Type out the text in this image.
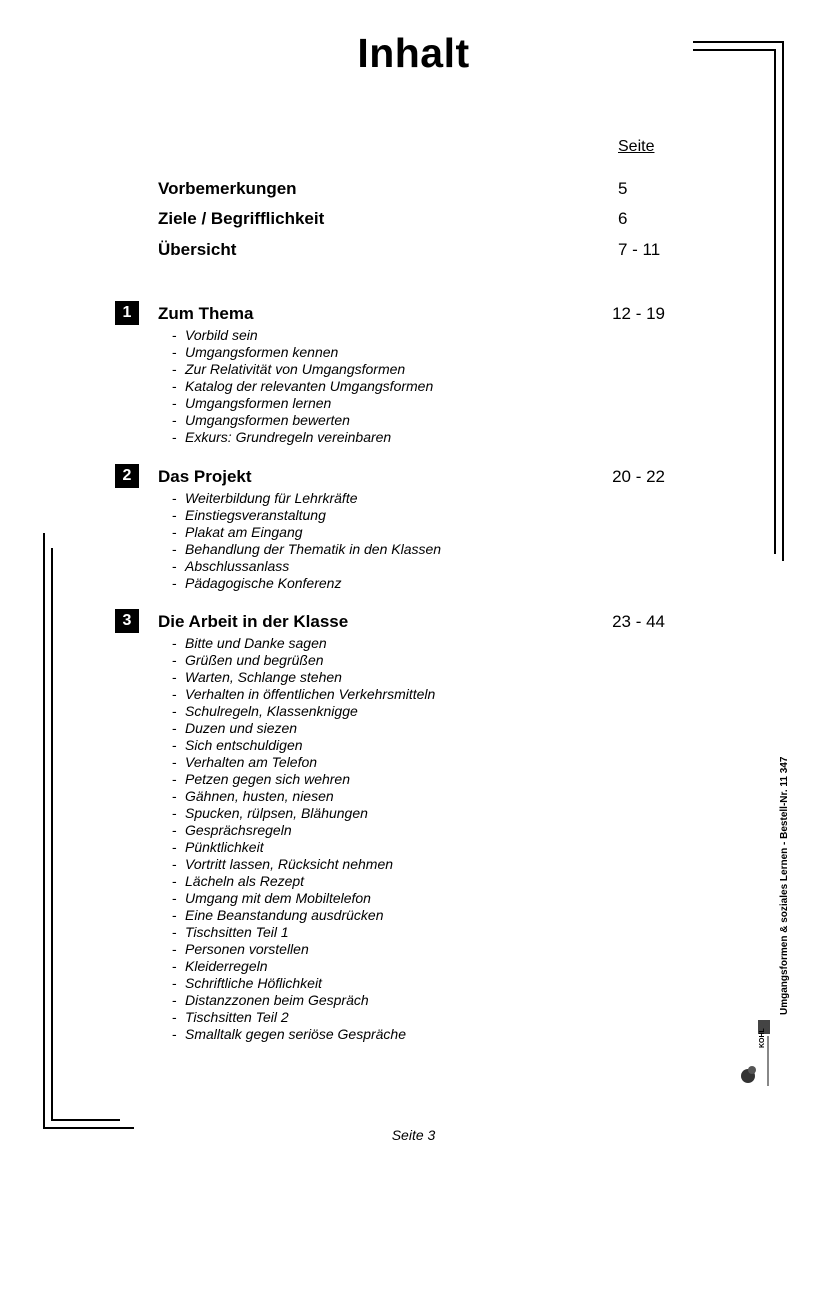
Inhalt
Seite
Vorbemerkungen	5
Ziele / Begrifflichkeit	6
Übersicht	7 - 11
1	Zum Thema	12 - 19
- Vorbild sein
- Umgangsformen kennen
- Zur Relativität von Umgangsformen
- Katalog der relevanten Umgangsformen
- Umgangsformen lernen
- Umgangsformen bewerten
- Exkurs: Grundregeln vereinbaren
2	Das Projekt	20 - 22
- Weiterbildung für Lehrkräfte
- Einstiegsveranstaltung
- Plakat am Eingang
- Behandlung der Thematik in den Klassen
- Abschlussanlass
- Pädagogische Konferenz
3	Die Arbeit in der Klasse	23 - 44
- Bitte und Danke sagen
- Grüßen und begrüßen
- Warten, Schlange stehen
- Verhalten in öffentlichen Verkehrsmitteln
- Schulregeln, Klassenknigge
- Duzen und siezen
- Sich entschuldigen
- Verhalten am Telefon
- Petzen gegen sich wehren
- Gähnen, husten, niesen
- Spucken, rülpsen, Blähungen
- Gesprächsregeln
- Pünktlichkeit
- Vortritt lassen, Rücksicht nehmen
- Lächeln als Rezept
- Umgang mit dem Mobiltelefon
- Eine Beanstandung ausdrücken
- Tischsitten Teil 1
- Personen vorstellen
- Kleiderregeln
- Schriftliche Höflichkeit
- Distanzzonen beim Gespräch
- Tischsitten Teil 2
- Smalltalk gegen seriöse Gespräche
Umgangsformen & soziales Lernen - Bestell-Nr. 11 347
KOHL
Seite 3
